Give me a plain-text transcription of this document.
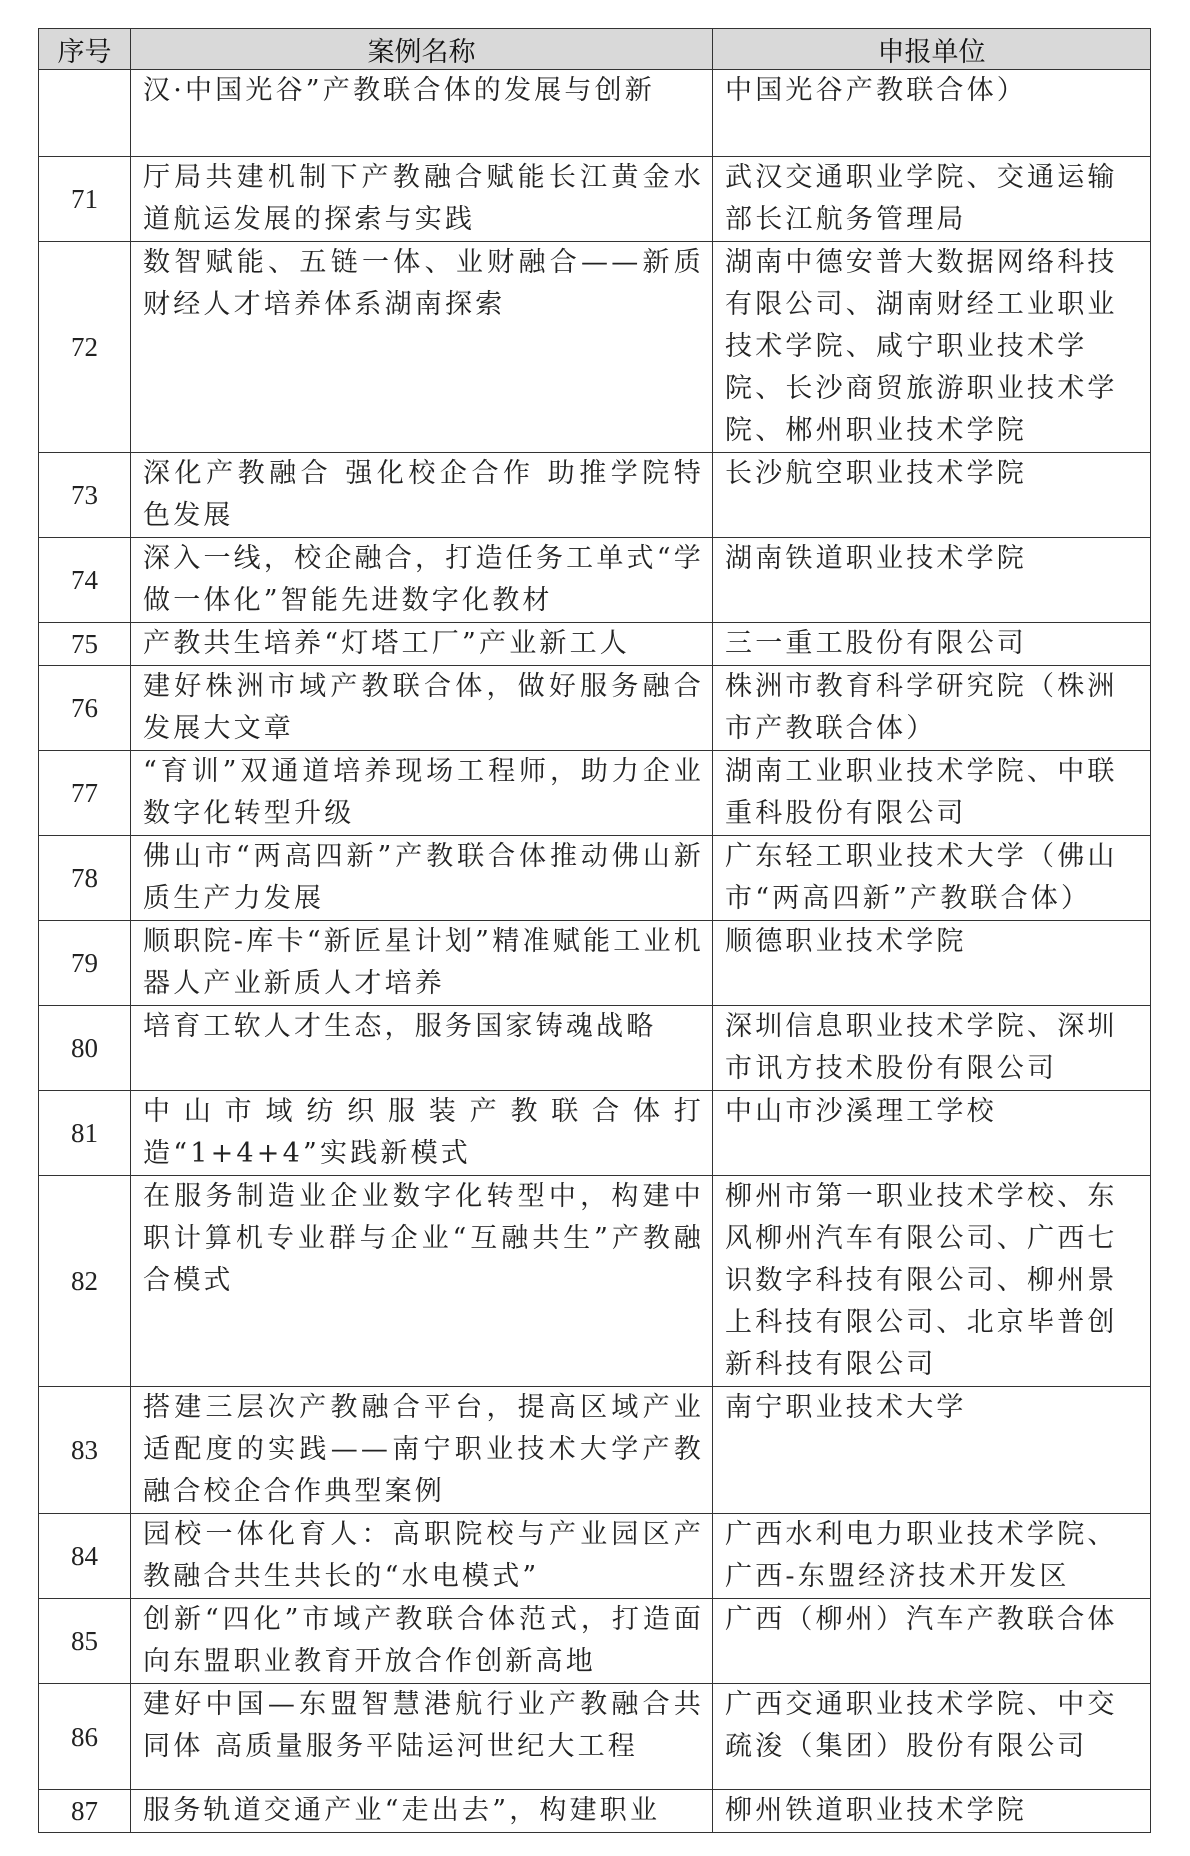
序号	案例名称	申报单位
	汉·中国光谷”产教联合体的发展与创新	中国光谷产教联合体）
71	厅局共建机制下产教融合赋能长江黄金水道航运发展的探索与实践	武汉交通职业学院、交通运输部长江航务管理局
72	数智赋能、五链一体、业财融合——新质财经人才培养体系湖南探索	湖南中德安普大数据网络科技有限公司、湖南财经工业职业技术学院、咸宁职业技术学院、长沙商贸旅游职业技术学院、郴州职业技术学院
73	深化产教融合 强化校企合作 助推学院特色发展	长沙航空职业技术学院
74	深入一线，校企融合，打造任务工单式“学做一体化”智能先进数字化教材	湖南铁道职业技术学院
75	产教共生培养“灯塔工厂”产业新工人	三一重工股份有限公司
76	建好株洲市域产教联合体，做好服务融合发展大文章	株洲市教育科学研究院（株洲市产教联合体）
77	“育训”双通道培养现场工程师，助力企业数字化转型升级	湖南工业职业技术学院、中联重科股份有限公司
78	佛山市“两高四新”产教联合体推动佛山新质生产力发展	广东轻工职业技术大学（佛山市“两高四新”产教联合体）
79	顺职院-库卡“新匠星计划”精准赋能工业机器人产业新质人才培养	顺德职业技术学院
80	培育工软人才生态，服务国家铸魂战略	深圳信息职业技术学院、深圳市讯方技术股份有限公司
81	中山市域纺织服装产教联合体打造“1+4+4”实践新模式	中山市沙溪理工学校
82	在服务制造业企业数字化转型中，构建中职计算机专业群与企业“互融共生”产教融合模式	柳州市第一职业技术学校、东风柳州汽车有限公司、广西七识数字科技有限公司、柳州景上科技有限公司、北京毕普创新科技有限公司
83	搭建三层次产教融合平台，提高区域产业适配度的实践——南宁职业技术大学产教融合校企合作典型案例	南宁职业技术大学
84	园校一体化育人：高职院校与产业园区产教融合共生共长的“水电模式”	广西水利电力职业技术学院、广西-东盟经济技术开发区
85	创新“四化”市域产教联合体范式，打造面向东盟职业教育开放合作创新高地	广西（柳州）汽车产教联合体
86	建好中国—东盟智慧港航行业产教融合共同体 高质量服务平陆运河世纪大工程	广西交通职业技术学院、中交疏浚（集团）股份有限公司
87	服务轨道交通产业“走出去”，构建职业	柳州铁道职业技术学院
